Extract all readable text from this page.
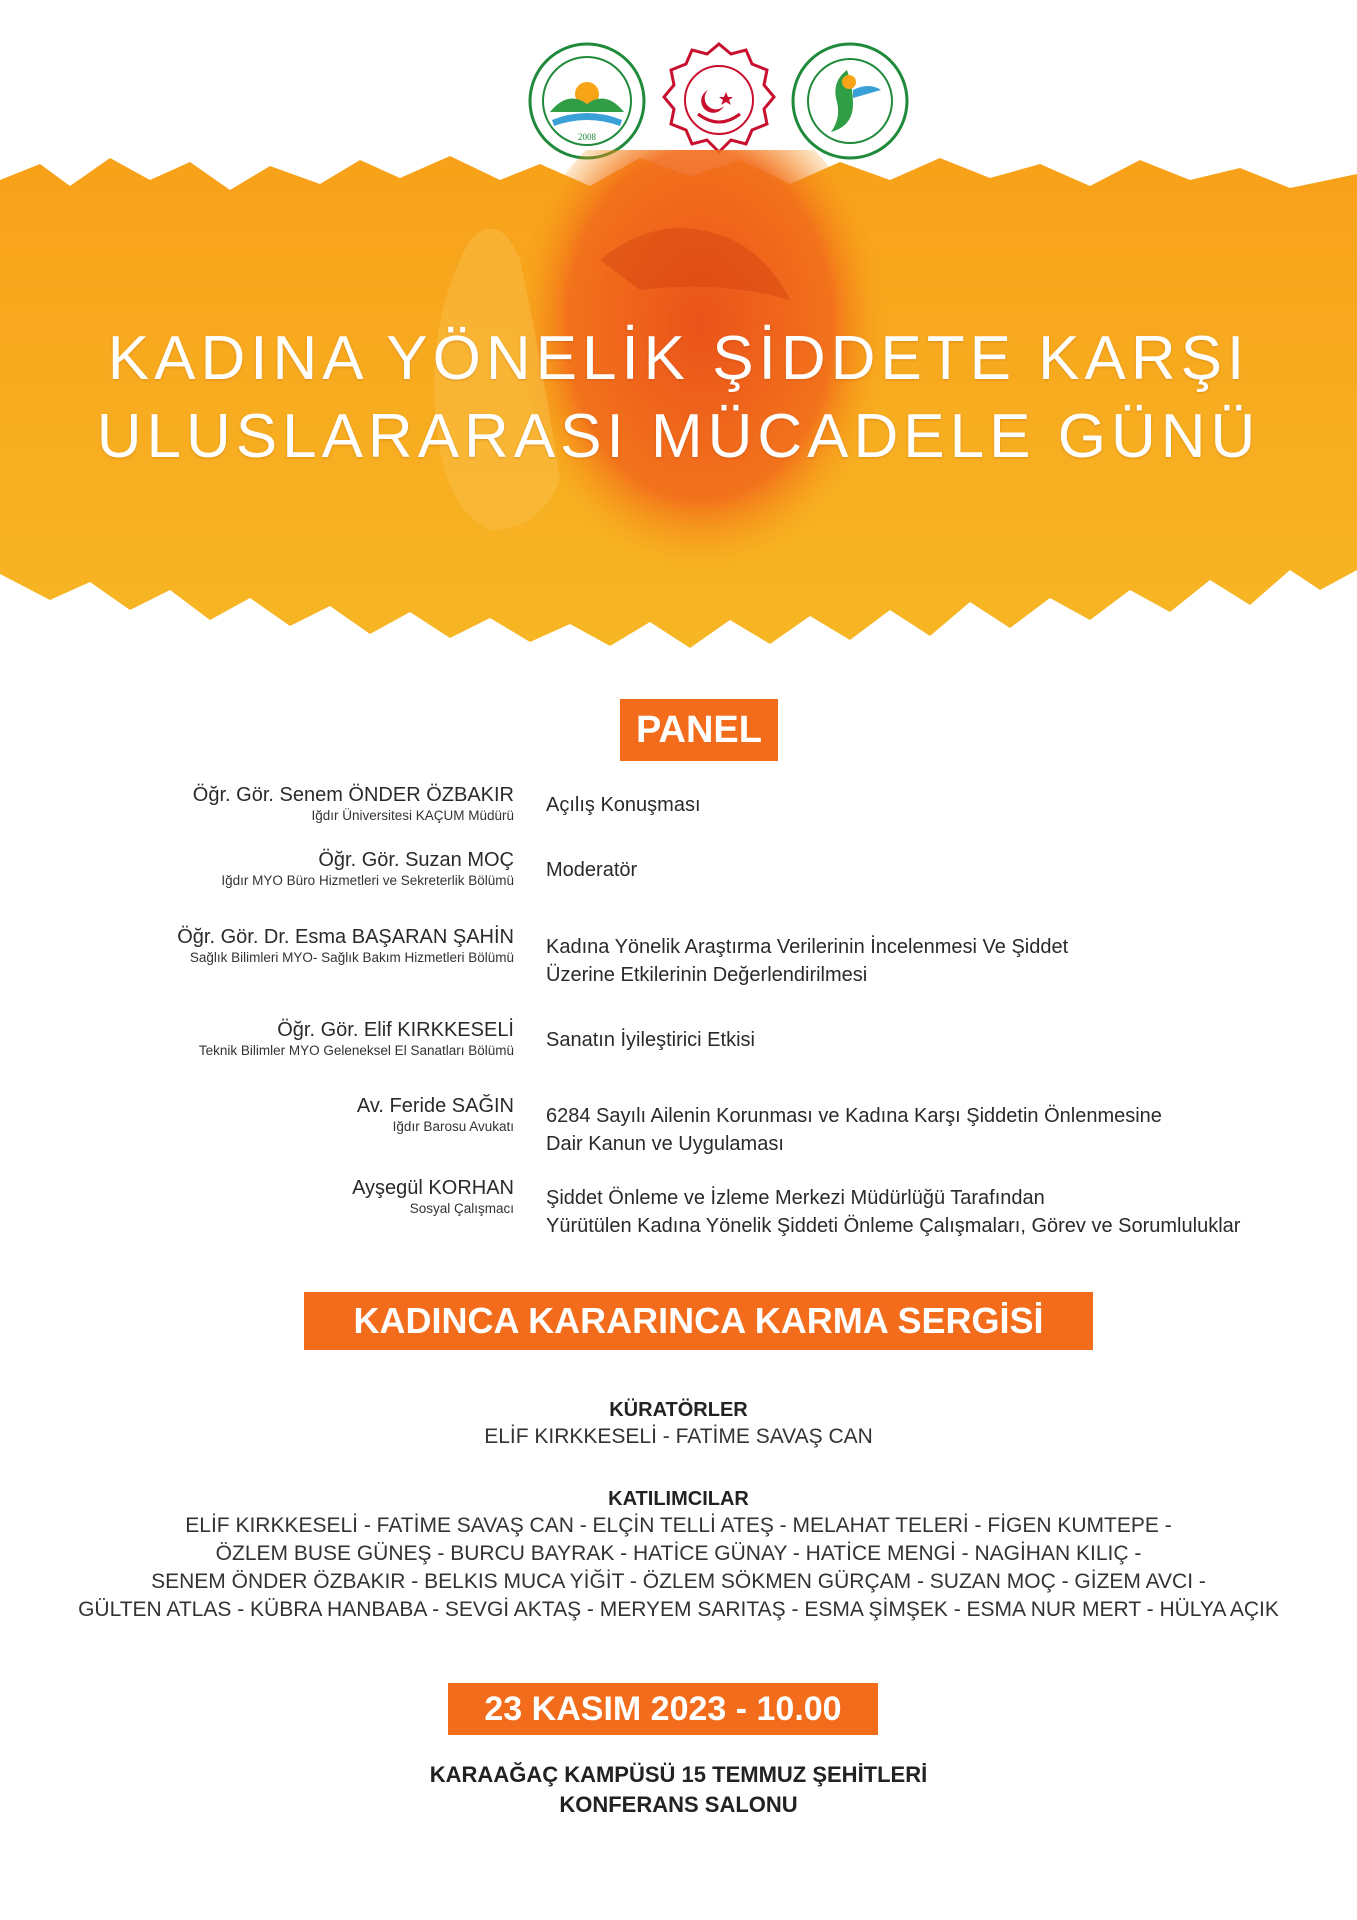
2008
KADINA YÖNELİK ŞİDDETE KARŞI
ULUSLARARASI MÜCADELE GÜNÜ
PANEL
Öğr. Gör. Senem ÖNDER ÖZBAKIR
Iğdır Üniversitesi KAÇUM Müdürü Açılış Konuşması
Öğr. Gör. Suzan MOÇ
Iğdır MYO Büro Hizmetleri ve Sekreterlik Bölümü Moderatör
Öğr. Gör. Dr. Esma BAŞARAN ŞAHİN
Sağlık Bilimleri MYO- Sağlık Bakım Hizmetleri Bölümü Kadına Yönelik Araştırma Verilerinin İncelenmesi Ve Şiddet
Üzerine Etkilerinin Değerlendirilmesi
Öğr. Gör. Elif KIRKKESELİ
Teknik Bilimler MYO Geleneksel El Sanatları Bölümü Sanatın İyileştirici Etkisi
Av. Feride SAĞIN
Iğdır Barosu Avukatı 6284 Sayılı Ailenin Korunması ve Kadına Karşı Şiddetin Önlenmesine
Dair Kanun ve Uygulaması
Ayşegül KORHAN
Sosyal Çalışmacı Şiddet Önleme ve İzleme Merkezi Müdürlüğü Tarafından
Yürütülen Kadına Yönelik Şiddeti Önleme Çalışmaları, Görev ve Sorumluluklar
KADINCA KARARINCA KARMA SERGİSİ
KÜRATÖRLER
ELİF KIRKKESELİ - FATİME SAVAŞ CAN
KATILIMCILAR
ELİF KIRKKESELİ - FATİME SAVAŞ CAN - ELÇİN TELLİ ATEŞ - MELAHAT TELERİ - FİGEN KUMTEPE -
ÖZLEM BUSE GÜNEŞ - BURCU BAYRAK - HATİCE GÜNAY - HATİCE MENGİ - NAGİHAN KILIÇ -
SENEM ÖNDER ÖZBAKIR - BELKIS MUCA YİĞİT - ÖZLEM SÖKMEN GÜRÇAM - SUZAN MOÇ - GİZEM AVCI -
GÜLTEN ATLAS - KÜBRA HANBABA - SEVGİ AKTAŞ - MERYEM SARITAŞ - ESMA ŞİMŞEK - ESMA NUR MERT - HÜLYA AÇIK
23 KASIM 2023 - 10.00
KARAAĞAÇ KAMPÜSÜ 15 TEMMUZ ŞEHİTLERİ
KONFERANS SALONU
